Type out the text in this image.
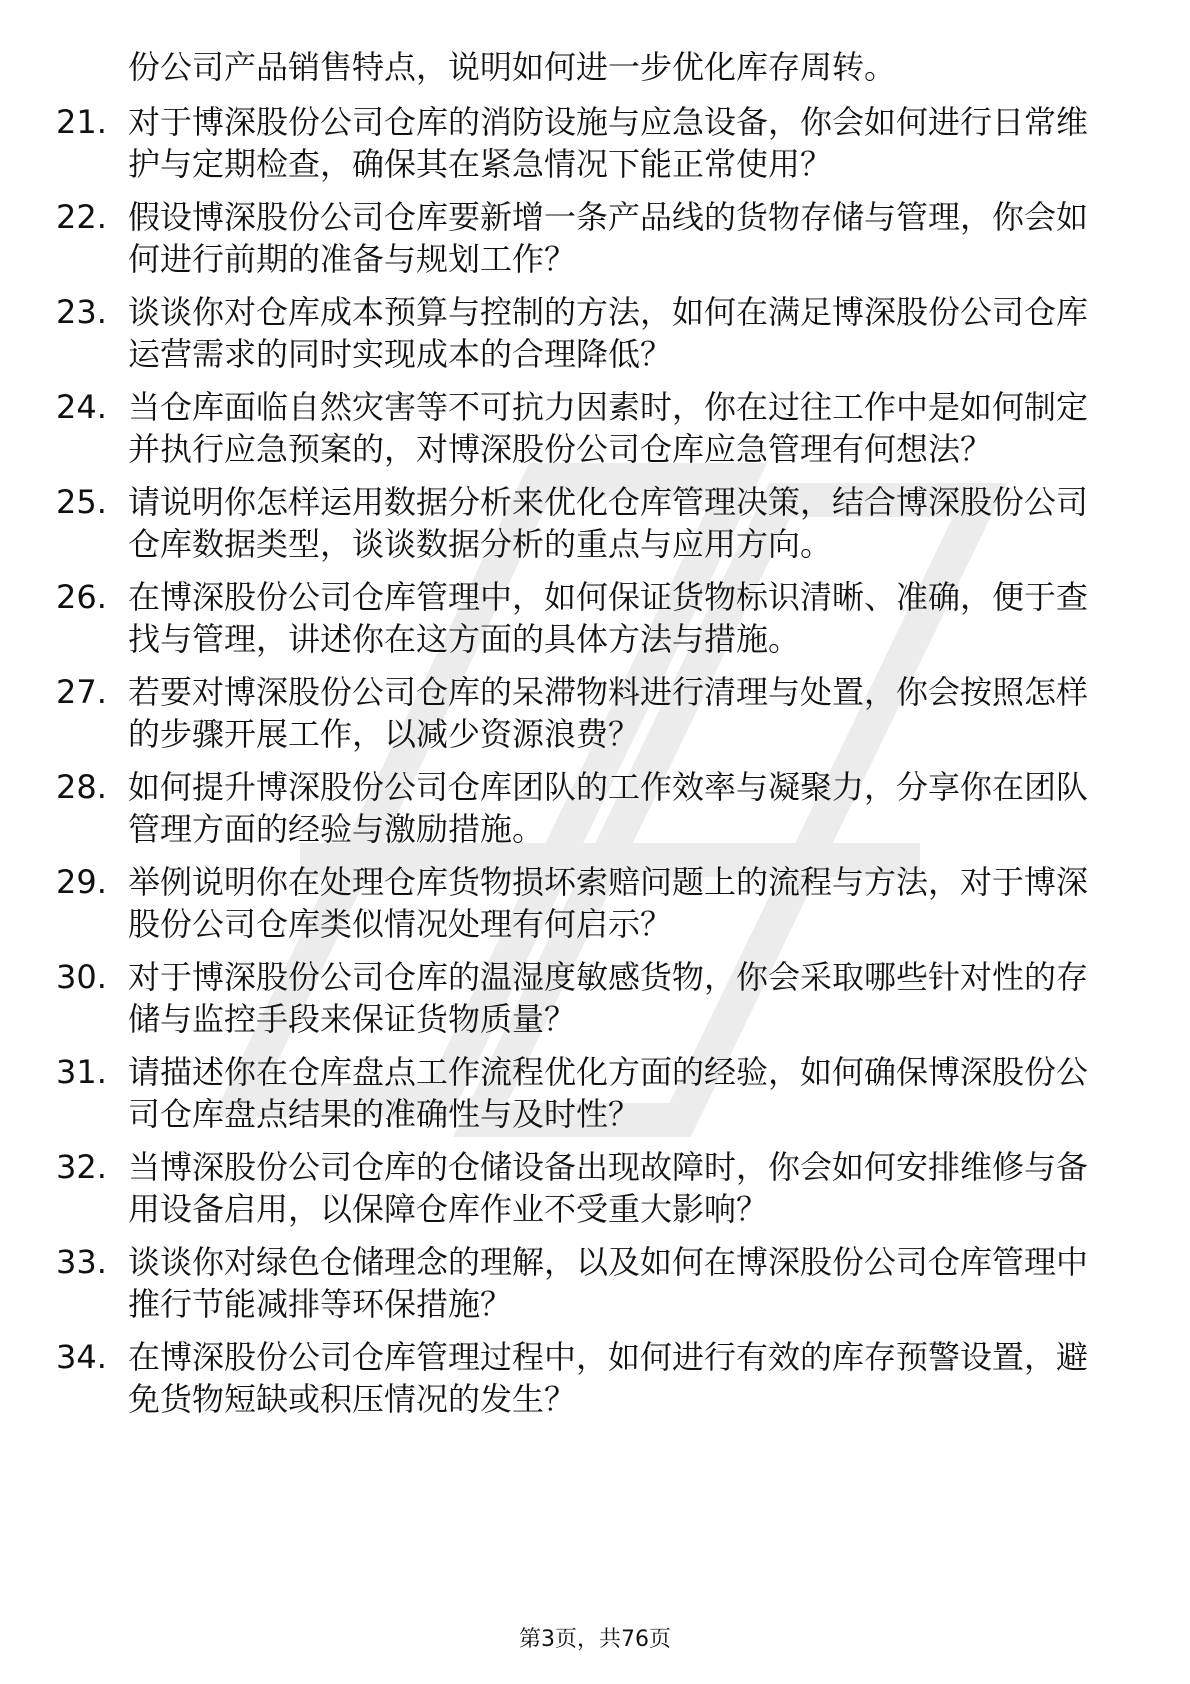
份公司产品销售特点，说明如何进一步优化库存周转。
21. 对于博深股份公司仓库的消防设施与应急设备，你会如何进行日常维护与定期检查，确保其在紧急情况下能正常使用？
22. 假设博深股份公司仓库要新增一条产品线的货物存储与管理，你会如何进行前期的准备与规划工作？
23. 谈谈你对仓库成本预算与控制的方法，如何在满足博深股份公司仓库运营需求的同时实现成本的合理降低？
24. 当仓库面临自然灾害等不可抗力因素时，你在过往工作中是如何制定并执行应急预案的，对博深股份公司仓库应急管理有何想法？
25. 请说明你怎样运用数据分析来优化仓库管理决策，结合博深股份公司仓库数据类型，谈谈数据分析的重点与应用方向。
26. 在博深股份公司仓库管理中，如何保证货物标识清晰、准确，便于查找与管理，讲述你在这方面的具体方法与措施。
27. 若要对博深股份公司仓库的呆滞物料进行清理与处置，你会按照怎样的步骤开展工作，以减少资源浪费？
28. 如何提升博深股份公司仓库团队的工作效率与凝聚力，分享你在团队管理方面的经验与激励措施。
29. 举例说明你在处理仓库货物损坏索赔问题上的流程与方法，对于博深股份公司仓库类似情况处理有何启示？
30. 对于博深股份公司仓库的温湿度敏感货物，你会采取哪些针对性的存储与监控手段来保证货物质量？
31. 请描述你在仓库盘点工作流程优化方面的经验，如何确保博深股份公司仓库盘点结果的准确性与及时性？
32. 当博深股份公司仓库的仓储设备出现故障时，你会如何安排维修与备用设备启用，以保障仓库作业不受重大影响？
33. 谈谈你对绿色仓储理念的理解，以及如何在博深股份公司仓库管理中推行节能减排等环保措施？
34. 在博深股份公司仓库管理过程中，如何进行有效的库存预警设置，避免货物短缺或积压情况的发生？
第3页，共76页
